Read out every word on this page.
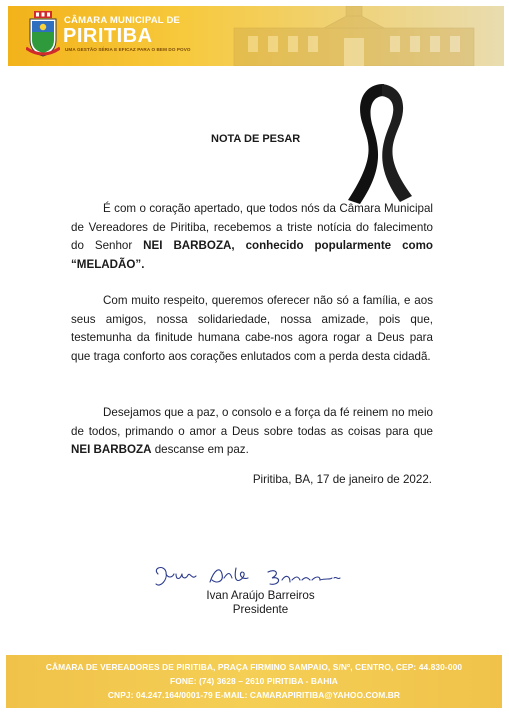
CÂMARA MUNICIPAL DE
PIRITIBA
UMA GESTÃO SÉRIA E EFICAZ PARA O BEM DO POVO
NOTA DE PESAR
É com o coração apertado, que todos nós da Câmara Municipal de Vereadores de Piritiba, recebemos a triste notícia do falecimento do Senhor NEI BARBOZA, conhecido popularmente como “MELADÃO”.
Com muito respeito, queremos oferecer não só a família, e aos seus amigos, nossa solidariedade, nossa amizade, pois que, testemunha da finitude humana cabe-nos agora rogar a Deus para que traga conforto aos corações enlutados com a perda desta cidadã.
Desejamos que a paz, o consolo e a força da fé reinem no meio de todos, primando o amor a Deus sobre todas as coisas para que NEI BARBOZA descanse em paz.
Piritiba, BA, 17 de janeiro de 2022.
Ivan Araújo Barreiros
Presidente
CÂMARA DE VEREADORES DE PIRITIBA, PRAÇA FIRMINO SAMPAIO, S/Nº, CENTRO, CEP: 44.830-000
FONE: (74) 3628 – 2610 PIRITIBA - BAHIA
CNPJ: 04.247.164/0001-79 E-MAIL: CAMARAPIRITIBA@YAHOO.COM.BR
